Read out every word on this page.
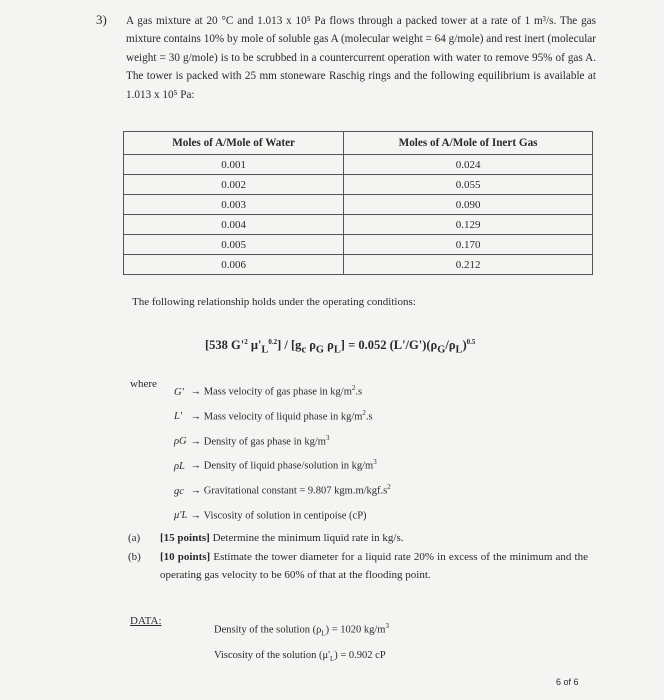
3) A gas mixture at 20 °C and 1.013 x 10⁵ Pa flows through a packed tower at a rate of 1 m³/s. The gas mixture contains 10% by mole of soluble gas A (molecular weight = 64 g/mole) and rest inert (molecular weight = 30 g/mole) is to be scrubbed in a countercurrent operation with water to remove 95% of gas A. The tower is packed with 25 mm stoneware Raschig rings and the following equilibrium is available at 1.013 x 10⁵ Pa:
Moles of A/Mole of Water	Moles of A/Mole of Inert Gas
0.001	0.024
0.002	0.055
0.003	0.090
0.004	0.129
0.005	0.170
0.006	0.212
The following relationship holds under the operating conditions:
[538 $G'^2$ $\mu'_L^{0.2}] / [g_c$ $\rho_G$ $\rho_L] = 0.052$ $(L'/G')(\rho_G/\rho_L)^{0.5}$
where
G' → Mass velocity of gas phase in $kg/m^2.s$
L' → Mass velocity of liquid phase in $kg/m^2.s$
ρG → Density of gas phase in $kg/m^3$
ρL → Density of liquid phase/solution in $kg/m^3$
gc → Gravitational constant = 9.807 $kgm.m/kgf.s^2$
μ'L → Viscosity of solution in centipoise (cP)
(a)	[15 points] Determine the minimum liquid rate in kg/s.
(b)	[10 points] Estimate the tower diameter for a liquid rate 20% in excess of the minimum and the operating gas velocity to be 60% of that at the flooding point.
DATA:
Density of the solution $(\rho_L) = 1020$ $kg/m^3$
Viscosity of the solution $(\mu'_L) = 0.902$ cP
6 of 6
